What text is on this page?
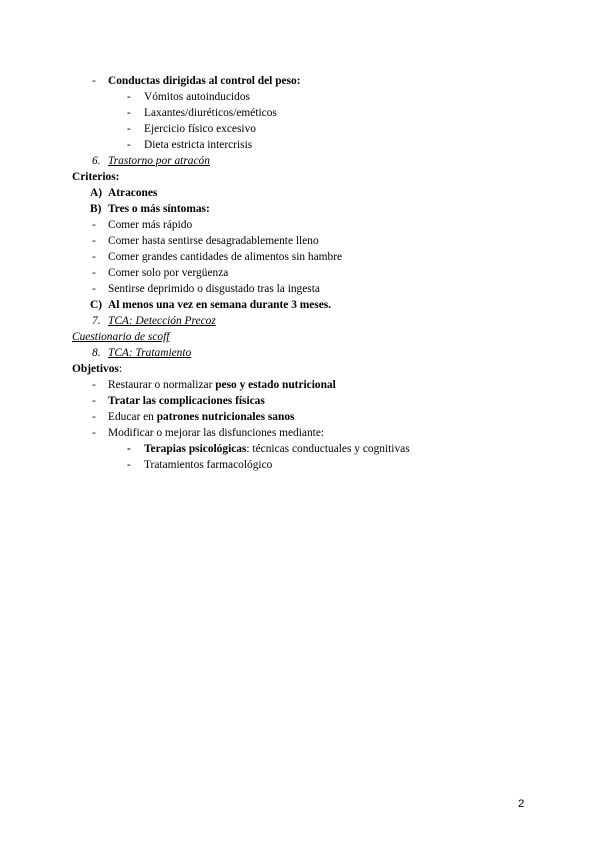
- Conductas dirigidas al control del peso:
- Vómitos autoinducidos
- Laxantes/diuréticos/eméticos
- Ejercicio físico excesivo
- Dieta estricta intercrisis
6. Trastorno por atracón
Criterios:
A) Atracones
B) Tres o más síntomas:
- Comer más rápido
- Comer hasta sentirse desagradablemente lleno
- Comer grandes cantidades de alimentos sin hambre
- Comer solo por vergüenza
- Sentirse deprimido o disgustado tras la ingesta
C) Al menos una vez en semana durante 3 meses.
7. TCA: Detección Precoz
Cuestionario de scoff
8. TCA: Tratamiento
Objetivos:
- Restaurar o normalizar peso y estado nutricional
- Tratar las complicaciones físicas
- Educar en patrones nutricionales sanos
- Modificar o mejorar las disfunciones mediante:
- Terapias psicológicas: técnicas conductuales y cognitivas
- Tratamientos farmacológico
2
